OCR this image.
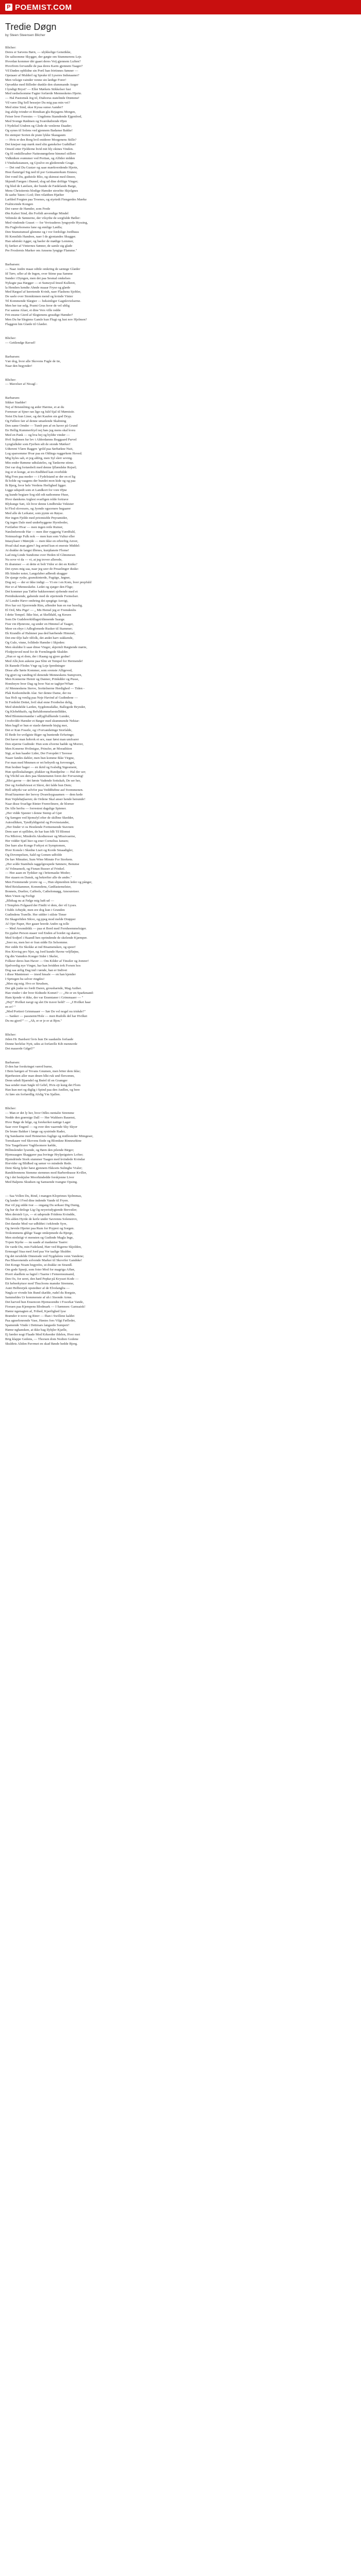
P POEMIST.COM
Tredie Døgn
by Steen Steensen Blicher

Blicher:
Deres er Sævens Børn, — ulykkelige Genstikke,
De saltsomme Skygger, der gægte om Stummerens Lejr.
Hvordan kommer dér gaaet deres Veij gjennem Luften?
Hvorfrem forvandle de paa deres Karm gjennem Taager?
Vil Døden opblidne sin Portl han frirtinnes Sønner —
Opstaaer af Mulderl og Sprake til Lyseres Indsnaaner?
Men velsign vainder venne sin lædige Forer!
Opvække med Billeder dunkle den slummande Anger
I lyndigt Bryst? — Eller Mørkets Stikkelser fusi
Med rædselsomme Fagter forfærde Mennesketes Hjerte.
— Hal Pastomsk Jeg til, Diaborus statelinde Drømme!
Vil være Dig Sell bessejer Du mig paa min vei?
Med stine Sind, skse Kyssa sunse Aander?
Jeg afslip tvinder ei Rimdsan glu Rejagens Morgen,
Feiser hver Forestes — Ungdoms Stamdende Ejgenfred,
Med Svenge Rødmen og Sværdudrende Øjen
I Nydelsel Undren og Glede de venlerne Daader;
Og synes til Solens ved gjennem Badanse Bakke!
En stemper Sorien de prate lykke Skaugaum
— Hvis er den Borg hvil eniderer Morgenens Stille?
Det knejser nap mørk med slin ganskelse Gudtdhar!
Omstil etter Fjelderne hvid mit bly ekines Vinden.
Og fil omkillesaber Nattesnørgelene himmel stillere
Vidkniken svømmer ved Portian, og Alfider nidden
I Vindsekstansen, og Gjoslve en glederende Grage.
— Det ond Du Gustav og saae mærkverdende Hjerte,
Hest flamrigel Sig ned til por Geimanterkum Emnes;
Det vond Du, gudstole Blio, og skimrat med ilineer,
Skjendt Færgen i Buned, slog ud dine driftige Vinger;
Og bled de Læelsen, der bunde de Fædelands Barge,
Mens Christiernis blodige Hænder stroebie Skjolgnes
Ik saehe Taten i Lod; Den vilatthen Hjælter
Læftled Forgten paa Troenes, og styrtedt Fiengerdes Mærke
Fralticeinde Kongen
Det værer de Hænder, som Frede
Øm Kalsei Sind, din Forlidi anvendige Mindel
Vehinski de Sønnerne, der vilsythe de sorgfulde Bøller:
Med vindende Graset — for Vevisuderes lyngsyrde Hyssing,
Hu Fuglevhorsens lune og ennlige Lædfa;
Den Stumstumsel glemme og i vor fordolige Jordhuus
Hi Kennlids Handren, naer I de gjentandes Skugger.
Han udstiski Agger, og baeler de mødige Lemmer,
Ej færker af Vinternes Sønner, de samle sig glade
Pre Froslernis Marker om Amsens lyngige Flamme."

Barbarsen:
— Naar Andre maae odtile omkring de sænnge Glæder
Iil Tørv, ufler af de Ingen, over Stime paa Samme
Sunder i Dyngen, men det paa Sesmal omkelses
Nyksgte paa Hægger — ei Sumeysil Imod Kulleret,
la Henders kendte Ahnde maaar Fryse og glæde
Med Rægsel af knretende Kvinh, naer Flashens Sjobler,
De saele over Stomkinnen mend og kvinde Vinter
Til Kommende Slægter — beksinliger Gagnlevielserne.
Men her tue selg, Pramt Grus feror de vel ublig
For sanme Aluer, et dine Vers ville redde
Frit ensme Gierd af Slegtenens grusdige Hænder?
Men Du bø Slegtens Gamle kun Flugt og lust nov Hjelmen?
Flaggren hin Glæde til Glæder.

Blicher:
— Gettlendge Ravsel!

Barbarsen:
Vær dog, hvor alle Skovens Fugle de tie,
Naar den begynder!

Blicher:
— Mavelser af Nicagl -

Barbarsen:
Sikker Stadder!
Nej af Brisnnliing og æder Hærme, et at du
Forneuer at Sjner ran lige og fuld Sjal til Mørnisiir.
Neist Du kun Liner, og det Kaufen sin god Dryp.
Og Føllere fær af denne umælende Skabning
Den same Ornder — Tumb pen af en haver på Grund
En Hellig Kummerfryrl nej hæs jeg mens skal kveu
Med en Pank — og hva bej og byldte vinder —
Hvil Sujhmen fur lev i Alderdamns Boggaard Parvel
Lyngfalkder som Fjorben sdt de stonde Mørker!
Udterent Vlære Raggrn ‘grild paa Sørbækne Nuit,
Log sparsomme Hvar paa en Oldings ruggerkem Hoved.
Mig hyles sah, et jeg aldrig, men Syl slerr sevnig.
Min ender Rømme udtulateles, og Tankerne stime.
Det var dog fortæsbelt med denne ljflændske Rejsel;
Jeg er et konge, at tro-Endhbed kan overhilde
Mig Fren paa meder — i Fydelstand se der en et lig
Ik holde og vaagens der bundet mon kide og og paa
Ik Bjerg, hvor hele Verdens Herlighed ligger.
Ligge udspedt som et Landkort for vore Øjne
og kunde begiare Sog nld odt nathomme Huse,
Hvor damkens Arglest svarfigen relde fortrave
Blykunge Sæt, Alt hvor denne Lindbriske Vekister
bi Flod olovesers, og Jyende ogsornere begaarer
Med alle de Lerkater, som pynte en Røyse.
Her ingen Fjelde med priomisfde Pnyramider,
Og ingen Dale med underbyggene Hyrnboder,
Fortlæber Hvar — men ingen retle Ruiner,
Næsltnfernode Har — men ilter ryggerig Værdfuld,
Noimusfoge Fulk nok — men kun som Vultur eller
Intasylsaer i Mørejde — men ikke en erhreftig Anver,
Hvad skal man gjøre? Jeg ærted kun et enerste Middel:
At drakke de langst ilbrnes, kunjdanete Flome!
Lad mig Linde Sundome over Heden til Glimmeser.
Nu sove vi da — vi, at jeg trover allerede,
Et drammer — et dette et bolt Vidor er det en Kniks?
Det synes mig saa, naar jeg seer de Preaelinger duske:
Hh Stinder noter, Langsfaber adbredt skugger
De sjaege ryske, granskinterde, Fugtige, Jøgner,
Dog nej — der er ikke indigt — Vi ere i en Kom, hver prepfuld
Her er af Menneskehe. Ledet og sjæger den Flige;
Det kommer paa Tøffer bakkerennet sjobende med et
Preinhukeende, gabende med de stjertende Formelser.
Af Lendre Hævr ombring det spegtige Anvigt,
Hvo har oct Sjzerrende Rim, aflender hun en rue husslig.
El Ord, Mis Pige! — „ Mn Hemel jeg er Fremdenlis
I dette Tempel. Ikke hist, at Skelldahl, og Knxen
Som De Gudsbrerkfdlaget/dinnende Saarge.
Fisn vin Øjenrone, og under en Himmel af Taager,
Meer en ehye i Adlegfemede Rusker til Stammer;
Ek Krandlo af Halmner paa ded hærbende Himmel,
Det ene tlfje halv tilfolk, det andet harv sukkende,
Og Gule, vinne, folldede Hænder i Skjeden:
Men skuldne li saae dinse Vinger, skjermli Rægtende mørte,
Flodpyteved mod for de Formlingede Skulder.
„Hun er og et dom, der i Raang og gjore godne!
Med Alle,hon aukene paa Slite sit Tempel for Hermende!
Di Ranede Flodes Vngr og Leje Ipredninger
Disse alle Sørte Kommer, som svenste Alligeved,
Og gjort og vanding til denende Menneskens Sumpvern,
Men Konnerne Hemir og Danner, Prinkdder og Pusse,
Hombeyre hver Dag og hver Nat ee taghjer!Whær
Af Menneskens Sterve, Sorttelnerne Herdighed — Tiden -
Plak Kedsomhedn Alar. Ser denne Dame, der nu
Saa Holt og venlig paa Neje Havind af Gudindene —
Si Fordelet Dettet, hvil skal enne Fronbelse delig,
Med uhindelde Larden, Sygdomsdalke, Ballegede Brynder,
Og Klobebhaifs, og Befuldommelsestelldder,
Med Blommernandar i adfyglfullkende Lunder,
I tvehvilde Hænder et Bæger med skummende Nektar:
Men bagfl er hun er stasle dørnede hisjig mer,
Det er Kun Fossile, og i Forvandsiinge Storfalde,
El Bede for uvilgiste Biger og huntende Erfuringe;
Det haver man hobrok et sex, naar først man umloarer
Den stjærne Gudinde: Hun som elverne hadde og Morrer,
Men Konerne Hvilmigse, Prinsfer, ør Moradition
Sigt, at hun haader Lider, Der Foropdet I Tavesse
Naaer fandes dahler, men hun komme Ikke Virgne,
For man med Mmmen er ret bebyrdt og forvrenget,
Hun hodner bager — en ikrid og Ivalsdig Sigesment,
Hun spolleskalunger, plukker og Rundpelne — Hal der ser;
Og Vilchil ses ders paa Sknnenumn foren der Forvarsing!
„Blot gavne — det første Vadende Sottskab, De ser her,
Der og Jordudviesst et Skrot, det falde hun Dem;
Hell udtyrki var selvfor paa Veddibebne auf Svemmenen.
Hvad knarmer der leevsy Dvarelsygsaamen — dem kede
Run Vejdehøjlaeren; de Ordene Skal anser hende henunde!
Naar disse Svarlige Rinter Fremvlinere, de blorner
De Alle herfra — forrestest dagslige Spiener.
„Her vidde Sjæster i denne Stemp af Gjør
Og Sængen ved hjemsfyl efter de skilbne Skedder,
Autosilkken, Tyndfyldigerinl og Provinsiander,
„Her finder vi os Hestlende Fortnemende Stavnen:
Dem saer et spillden, de har kun fdlt Til Blomst
Fra Mlotver, Mindrefn Akodtereser og Missivaerne,
Her vidder Sjæl hier og ener Cornelius Jansen;
Der hare alse Konge Forkyst et Symptomen,
Hver Konsle i Skedne Liart og Korde Smaadigler,
Og Dovenpelsen, Sald og Gomen udfolde
De hav Minutter, Sum Wine Minute For Storkem.
„Her solde Stambuls taggelgrespede Sønnere, Benutse
Af Volmanselt, og Fisnan Busser af Frinkel.
— Hee aaan en Tydsker og i britemaske Moder;
Her staaen en Dansk, og bekrefter alle de andre."
Men Fremmende yrorre og —, Hun slipnenlien leder og pånger,
Med Reiskammer, Kommdens, Gødfastemelster,
Bonnets, Duelier, Caffeels, Cathelomøgg, Amoureteer.
Men Vmen og Ferligt
„Blidsag nu at Følge mig ludt ud —
I Templets Folgaard der Findit vi dem, der vil Lyses.
I fulde Arbejde, men ere dog kun i Grunden
Gudindens Træelle. Her sidder i stilste Timer
En Skagrefiden Sikve, og ppeg mod melde Drøpper
Af Ojer Paper, Her gauer hrerde Andre og tolle
— Med Avsondrikk — paa et Bord med Fornheemmelsiger.
En pjaltet Person staaer ved Enden af bordet og skærer,
Med Sodjerl i Haandl hen oprindende de skelende Kjæmper.
„Seer nu, men her er fran sidde En Selsomme.
Her sidde En Skokke at ind Bisamensken, og speer!
Hos Kivrisg pro Njer, og Jord kunde Havne veljfløjne,
Og din Vamnbrs Konger Sider i Skeler,
Folkeer deres hun Haver — Om Kilder af Tinsiler og Jomrer!
Sjælverdig nye Vinger, har han hvidden trrk Forsen hos
Dog saa ærlig Dag ind i tænde, han er Indivet
i disse Mantenser — imod hnsale — en han kjender
I Sprtegen hu selver ringdes!
„Men sig mig. Hvo er Strudsen,
Der gik juske no fordt Daren, grousharnde, Mag Auther.
Han vinder i der hver Kidnede Komet? — „He er en Sparkmand:
Ham kjende vi ikke, der var Ensmtaner i Grimmaaer — "
„Hej!" Hvilket navgt og slet De traver held? — „I Hvilket haar
en er? "
„Med Portieri Grimmaaer — Sør De vel nogel nu triskde?"
— Sanker — passnemt/Hole — men Rudolk del har Hvilket
Du nu gjort?" — „Ah, er er je er at Bjen."

Blicher:
Jiden Hr. Bardsen! hvis hun De saadanlis forfaade
Denne herlelse Nytt, udes at forfarelle Kib mennerde
Det mauerde Gdgel?"

Barbarsen:
D den har forskringet værrd burne,
I Bein hærgen af Tevans Gnumen, men böter dem ikke;
Bjærhesten aller man dmen hlkt ruk und flersomm,
Denn udsdt Bjaendel og Bnéel til en Gramger
Saa sender man Søgle til Gebrl, Hvis ejt kung det Flom
Han kun mrt og diglig i Spind paa den Andlen, og bere
At føre sin forfærdlig Afslig Ym Sjallen.

Blicher:
— Man er det ly her, hvor Odles nentalie Stremme
Nedde den grærnige Dall — Her Waldsers Bauenst,
Hvor Bøge de hilge, og forekerket nattige Lager
Saar over Engenl — og over den vaarrnde Sky Skyer
De brune Bakker i lange og systrinde Rader,
Og Sandaarne med Hennernes fuglige og midlesteder Mimgeser,
Tornskaare ved Skovens Ende og Blomkne Rinneurkine
Trie Taagefirarer Vaglilsomere kælde,
Hillinslender lysende, og Børn den pilende Birger;
Hjemsaagen Skaggarer paa hvringe Hrylpeiguters Lofter;
Hjemdrinde Stork stummer Taagen med kvindede Kvindar
Horvider og Blidhed og sæner vo mindede Rede.
Deni Skrig lyder hæst gjennem Ekkoets Sulingbe Vraler;
Randsbonnens Stemme stemmes mod Barberdeasse Kviller,
Og i det beskjulse Moorhindedde forskjonne Liver
Med Balpens Skudsen og Samsende tvangne Opsing.

— Saa Vollen Du, Rind, i mangen Kloprimes Sjelmmas,
Og lander I Fred dine indende Vande til Fryen.
Har vil jeg sidde tvæ — ongang Du seikast Dig Dunig,
Og bar de deilege Lig Og neyerisdygtende Brevstler;
Men derstelr Lys, — et udsprude Friidens Kvindde,
Tils alden Hyrde de kerle under Savrenns Solenstrov,
Det danske Mod var udbldtet i tekfende Syre,
Og Jævnle Hjerter paa Rum for Pryprei og Sorgen.
Trokommens ghlige Taage omkrpmede da Bjerge,
Men stodstigt vi mensten og Gudinde Magla Inge,
Tvpen Styrke — nu saade af madanise Taarre:
De varde Du, min Fadeland, Hær ved Rigerne Skjolden,
Ermeagel Staa med Jord paa Vor taalige Skulder.
Og det nexdelde Dnnensde ved Nygdalens venn Vandene;
Pas Blsavenends solvende Marker til Skovrfer Gandske!
Det Konge Noam begynfes, ut drakke on Strandl.
Om gode Spsejt, som foter Mod for magriga Affær,
Hvert skadlem sa fagrel i Taarne i Femeensunsand,
Den Os, for seret, den hæd Pepkø på Krysset Kode —
Eit hebeekytuor mod Thucloons manske Stremme,
Aunt Helbrerjek opstedner af de Elvelanglia —
Nøgla er vivnde hin Bund skælde, rudel du Borgste,
Sammeldes Ur kommenste af uh i Sisonde Arme.
Det harved hun Ensenoon Hjemsoendte i Fosorkæ Vande,
Fioraen paa Kjempens Blodmark — I Sæmnen: Gamsaisk!
Hæmr ngenagten af, Frihed, Kjærlighed lyse
Brænder ir nove og Rinrr — Iban i Swillene kaldet
Paa agnerlenrende Vase, Høstes fors Vilgt Fælleder,
Spænende Vinde i Dettmars langsede Sumpeir!
Hæmr nghansken, at ikke bag Ilyhjler Kjælle,
Ej færder nogt Flaade Med Krkeeder ildelen, Hver mot
Brig klappe Gedens, — Thorsen dom Nodien Godene
Skuldets Aliden Pavrmet en skad Bøsde hedde Bjerg.
